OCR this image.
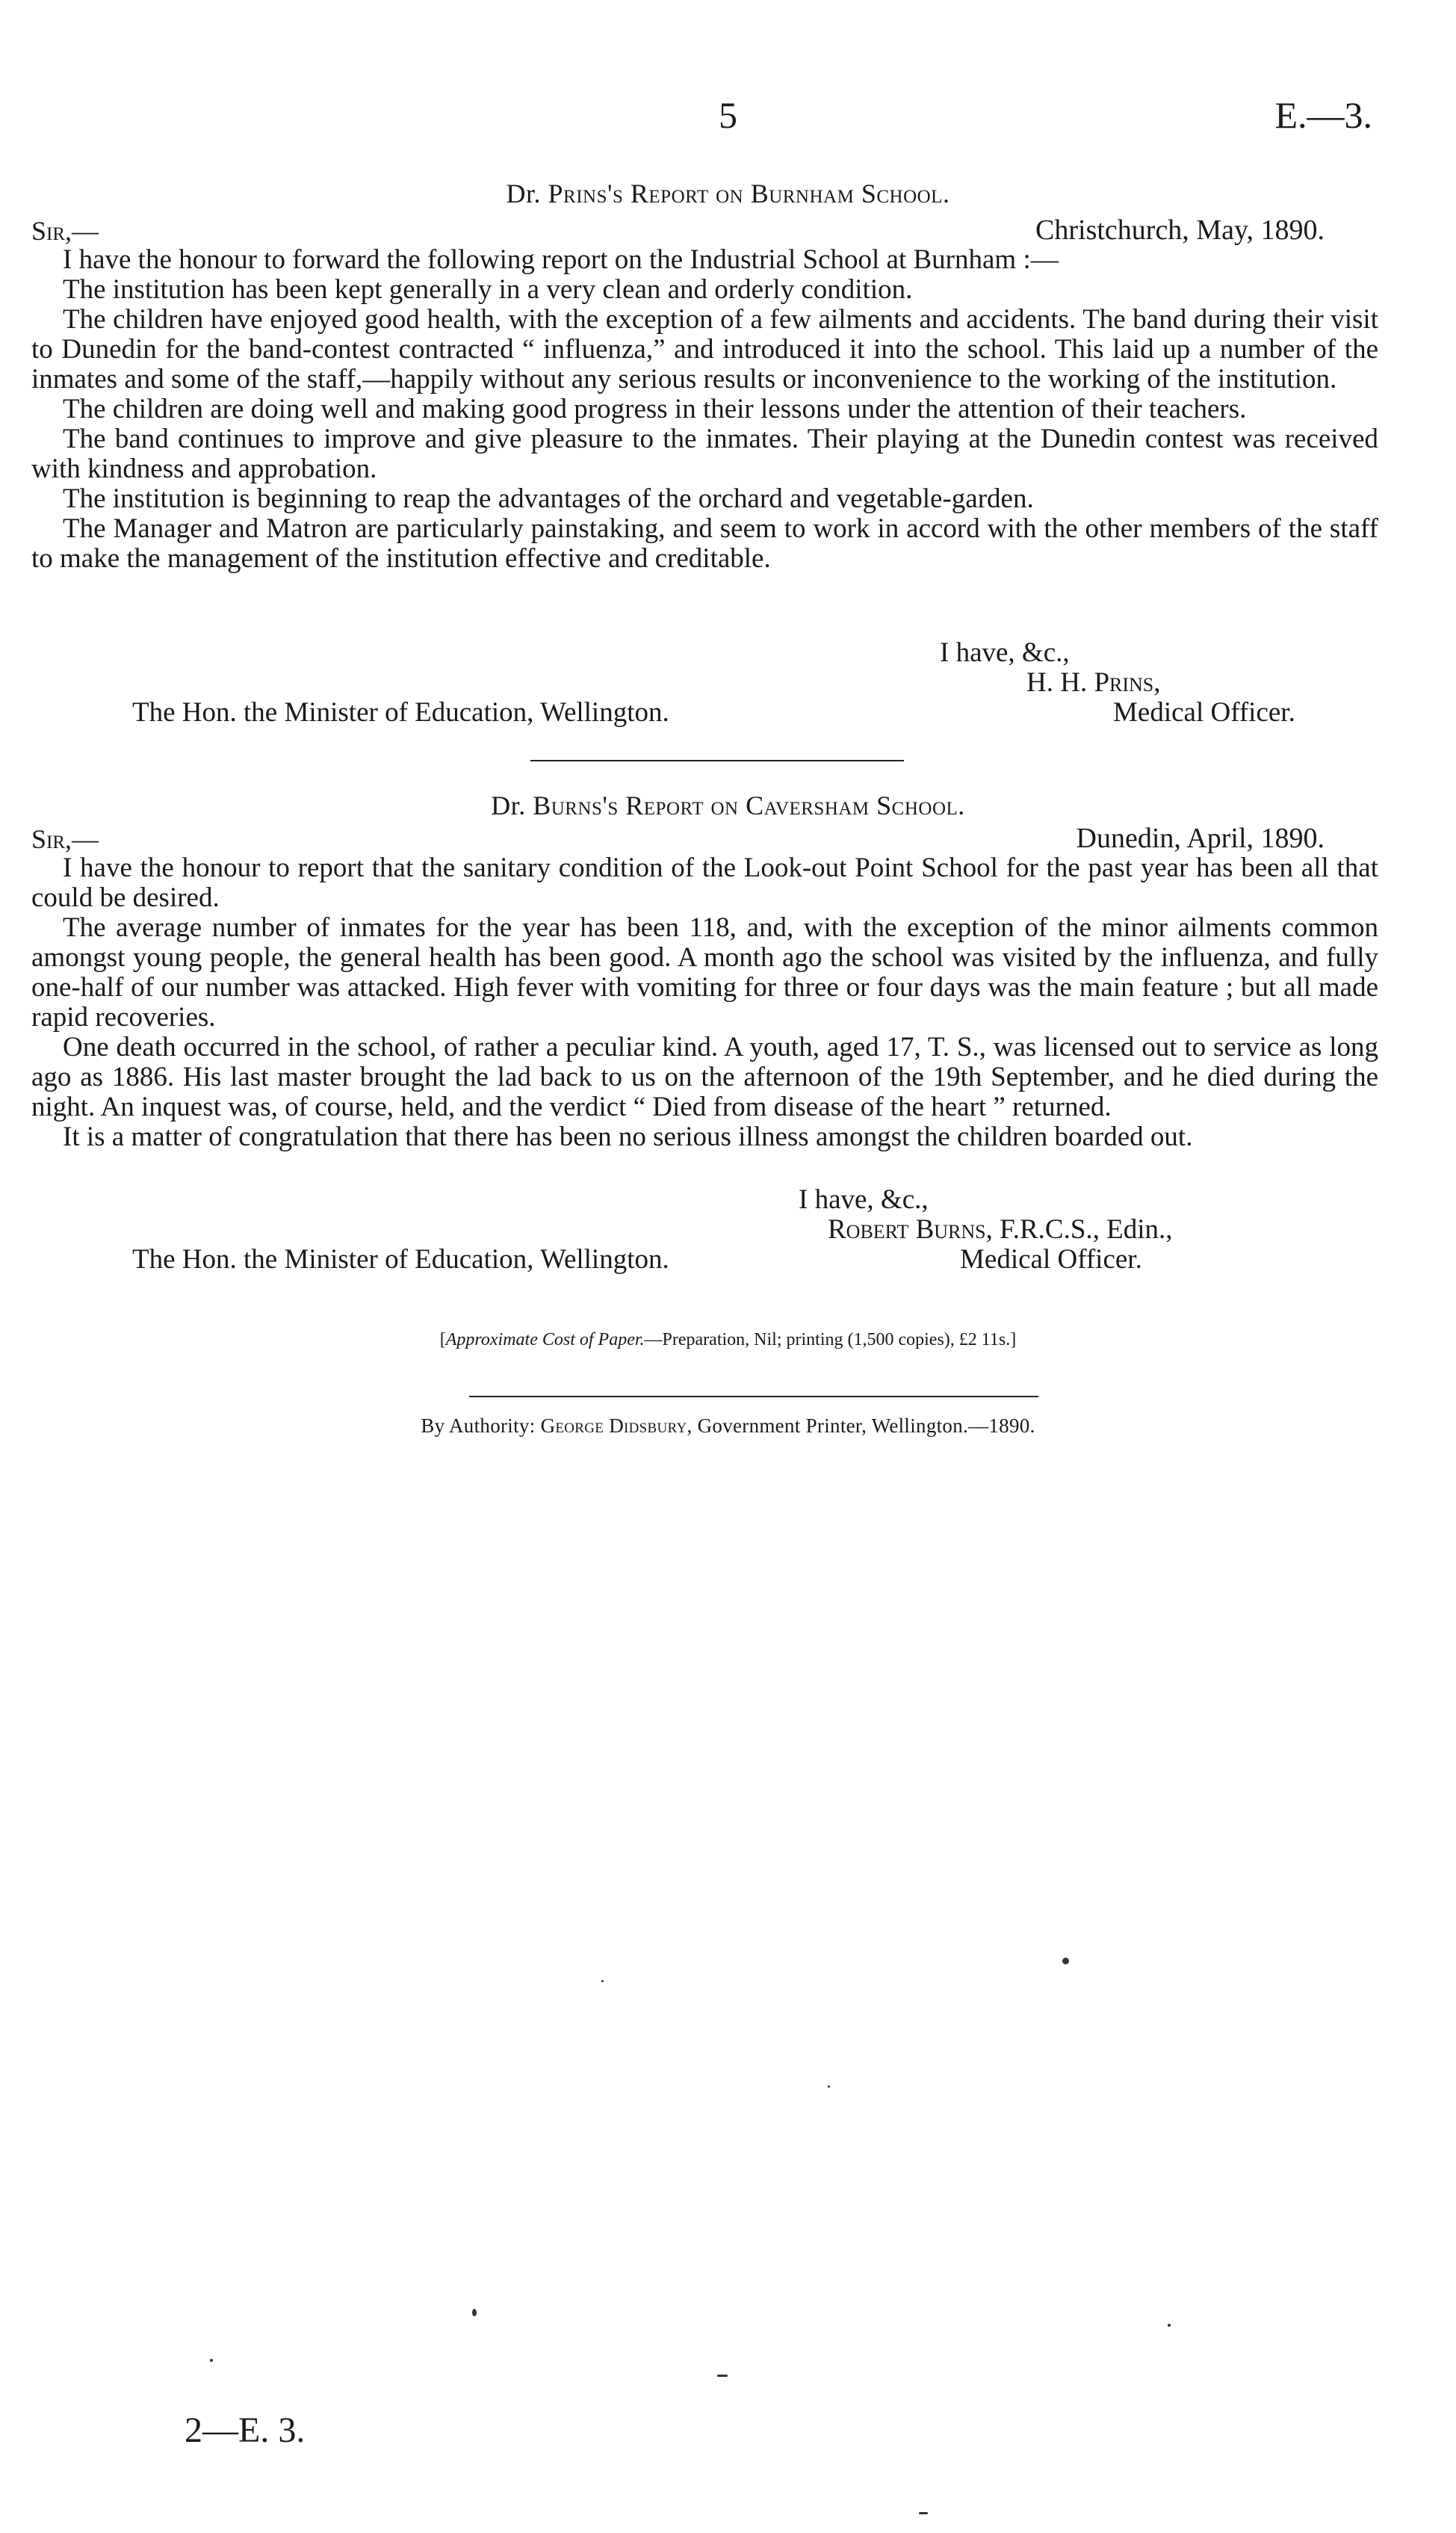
5	E.—3.
Dr. Prins's Report on Burnham School.
Sir,—	Christchurch, May, 1890.

I have the honour to forward the following report on the Industrial School at Burnham :—

The institution has been kept generally in a very clean and orderly condition.

The children have enjoyed good health, with the exception of a few ailments and accidents. The band during their visit to Dunedin for the band-contest contracted “ influenza,” and introduced it into the school. This laid up a number of the inmates and some of the staff,—happily without any serious results or inconvenience to the working of the institution.

The children are doing well and making good progress in their lessons under the attention of their teachers.

The band continues to improve and give pleasure to the inmates. Their playing at the Dunedin contest was received with kindness and approbation.

The institution is beginning to reap the advantages of the orchard and vegetable-garden.

The Manager and Matron are particularly painstaking, and seem to work in accord with the other members of the staff to make the management of the institution effective and creditable.

I have, &c.,
H. H. Prins,
The Hon. the Minister of Education, Wellington.	Medical Officer.
Dr. Burns's Report on Caversham School.
Sir,—	Dunedin, April, 1890.

I have the honour to report that the sanitary condition of the Look-out Point School for the past year has been all that could be desired.

The average number of inmates for the year has been 118, and, with the exception of the minor ailments common amongst young people, the general health has been good. A month ago the school was visited by the influenza, and fully one-half of our number was attacked. High fever with vomiting for three or four days was the main feature ; but all made rapid recoveries.

One death occurred in the school, of rather a peculiar kind. A youth, aged 17, T. S., was licensed out to service as long ago as 1886. His last master brought the lad back to us on the afternoon of the 19th September, and he died during the night. An inquest was, of course, held, and the verdict “ Died from disease of the heart ” returned.

It is a matter of congratulation that there has been no serious illness amongst the children boarded out.

I have, &c.,
Robert Burns, F.R.C.S., Edin.,
The Hon. the Minister of Education, Wellington.	Medical Officer.
[Approximate Cost of Paper.—Preparation, Nil; printing (1,500 copies), £2 11s.]
By Authority: George Didsbury, Government Printer, Wellington.—1890.
2—E. 3.
